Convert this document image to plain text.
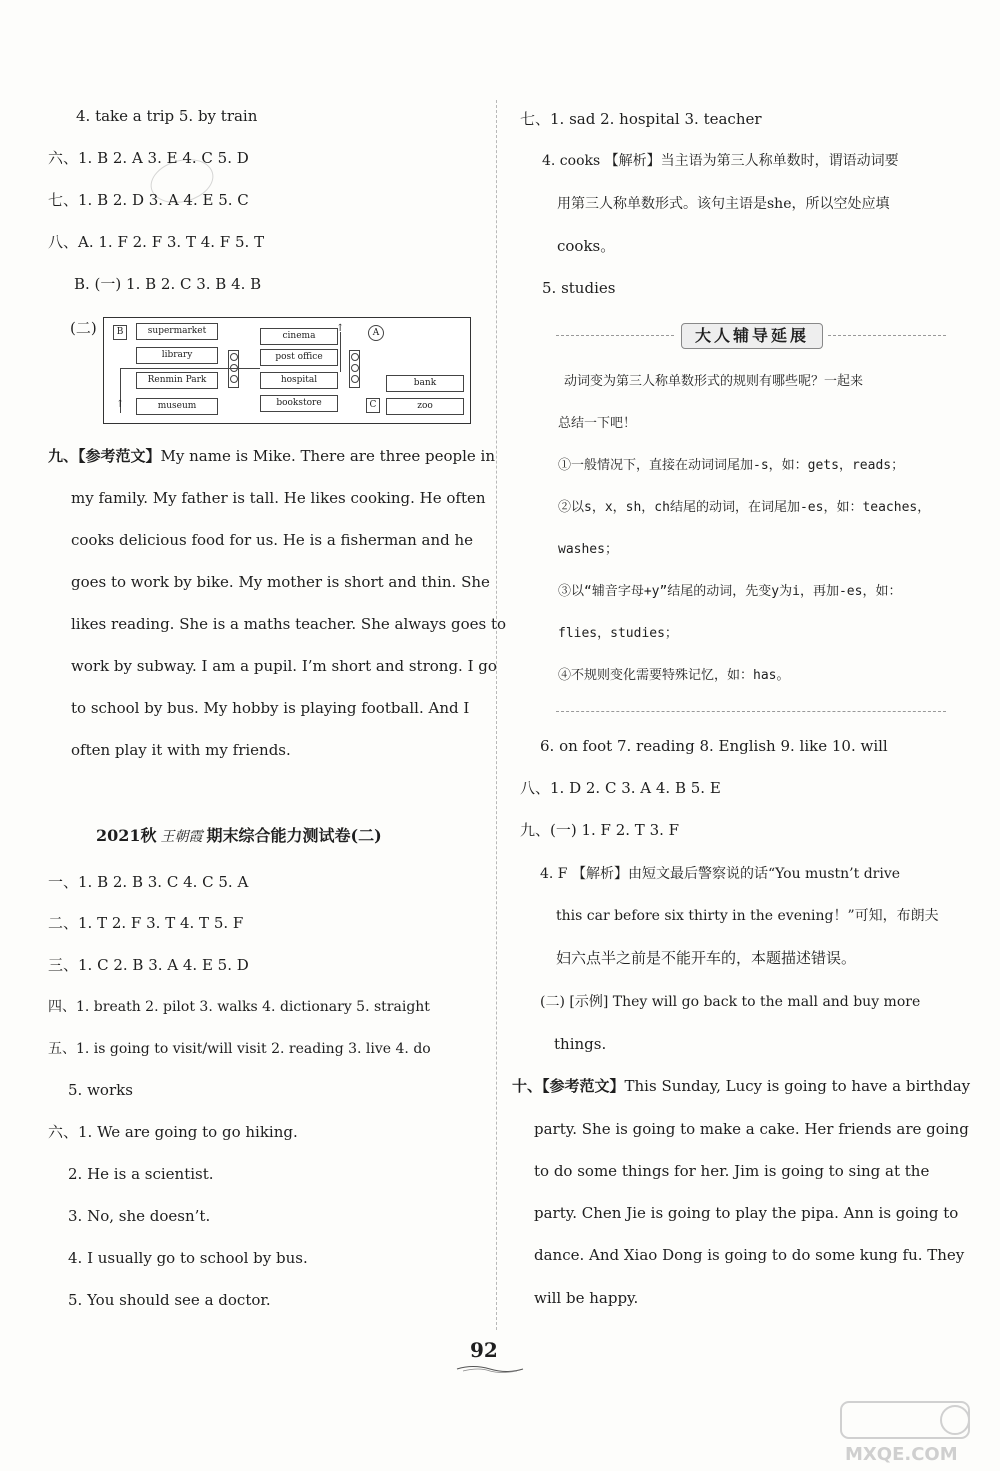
4. take a trip 5. by train
六、1. B 2. A 3. E 4. C 5. D
七、1. B 2. D 3. A 4. E 5. C
八、A. 1. F 2. F 3. T 4. F 5. T
B. (一) 1. B 2. C 3. B 4. B
(二)	B	supermarket
library
Renmin Park
museum
cinema
post office
hospital
bookstore
A
bank
C	zoo
↑
↑
九、【参考范文】My name is Mike. There are three people in
my family. My father is tall. He likes cooking. He often
cooks delicious food for us. He is a fisherman and he
goes to work by bike. My mother is short and thin. She
likes reading. She is a maths teacher. She always goes to
work by subway. I am a pupil. I’m short and strong. I go
to school by bus. My hobby is playing football. And I
often play it with my friends.
2021秋 王朝霞 期末综合能力测试卷(二)
一、1. B 2. B 3. C 4. C 5. A
二、1. T 2. F 3. T 4. T 5. F
三、1. C 2. B 3. A 4. E 5. D
四、1. breath 2. pilot 3. walks 4. dictionary 5. straight
五、1. is going to visit/will visit 2. reading 3. live 4. do
5. works
六、1. We are going to go hiking.
2. He is a scientist.
3. No, she doesn’t.
4. I usually go to school by bus.
5. You should see a doctor.
七、1. sad 2. hospital 3. teacher
4. cooks 【解析】当主语为第三人称单数时，谓语动词要
用第三人称单数形式。该句主语是she，所以空处应填
cooks。
5. studies
大人辅导延展
动词变为第三人称单数形式的规则有哪些呢？一起来
总结一下吧！
①一般情况下，直接在动词词尾加-s，如：gets，reads；
②以s，x，sh，ch结尾的动词，在词尾加-es，如：teaches，
washes；
③以“辅音字母+y”结尾的动词，先变y为i，再加-es，如：
flies，studies；
④不规则变化需要特殊记忆，如：has。
6. on foot 7. reading 8. English 9. like 10. will
八、1. D 2. C 3. A 4. B 5. E
九、(一) 1. F 2. T 3. F
4. F 【解析】由短文最后警察说的话“You mustn’t drive
this car before six thirty in the evening！”可知，布朗夫
妇六点半之前是不能开车的，本题描述错误。
(二) [示例] They will go back to the mall and buy more
things.
十、【参考范文】This Sunday, Lucy is going to have a birthday
party. She is going to make a cake. Her friends are going
to do some things for her. Jim is going to sing at the
party. Chen Jie is going to play the pipa. Ann is going to
dance. And Xiao Dong is going to do some kung fu. They
will be happy.
92
MXQE.COM
